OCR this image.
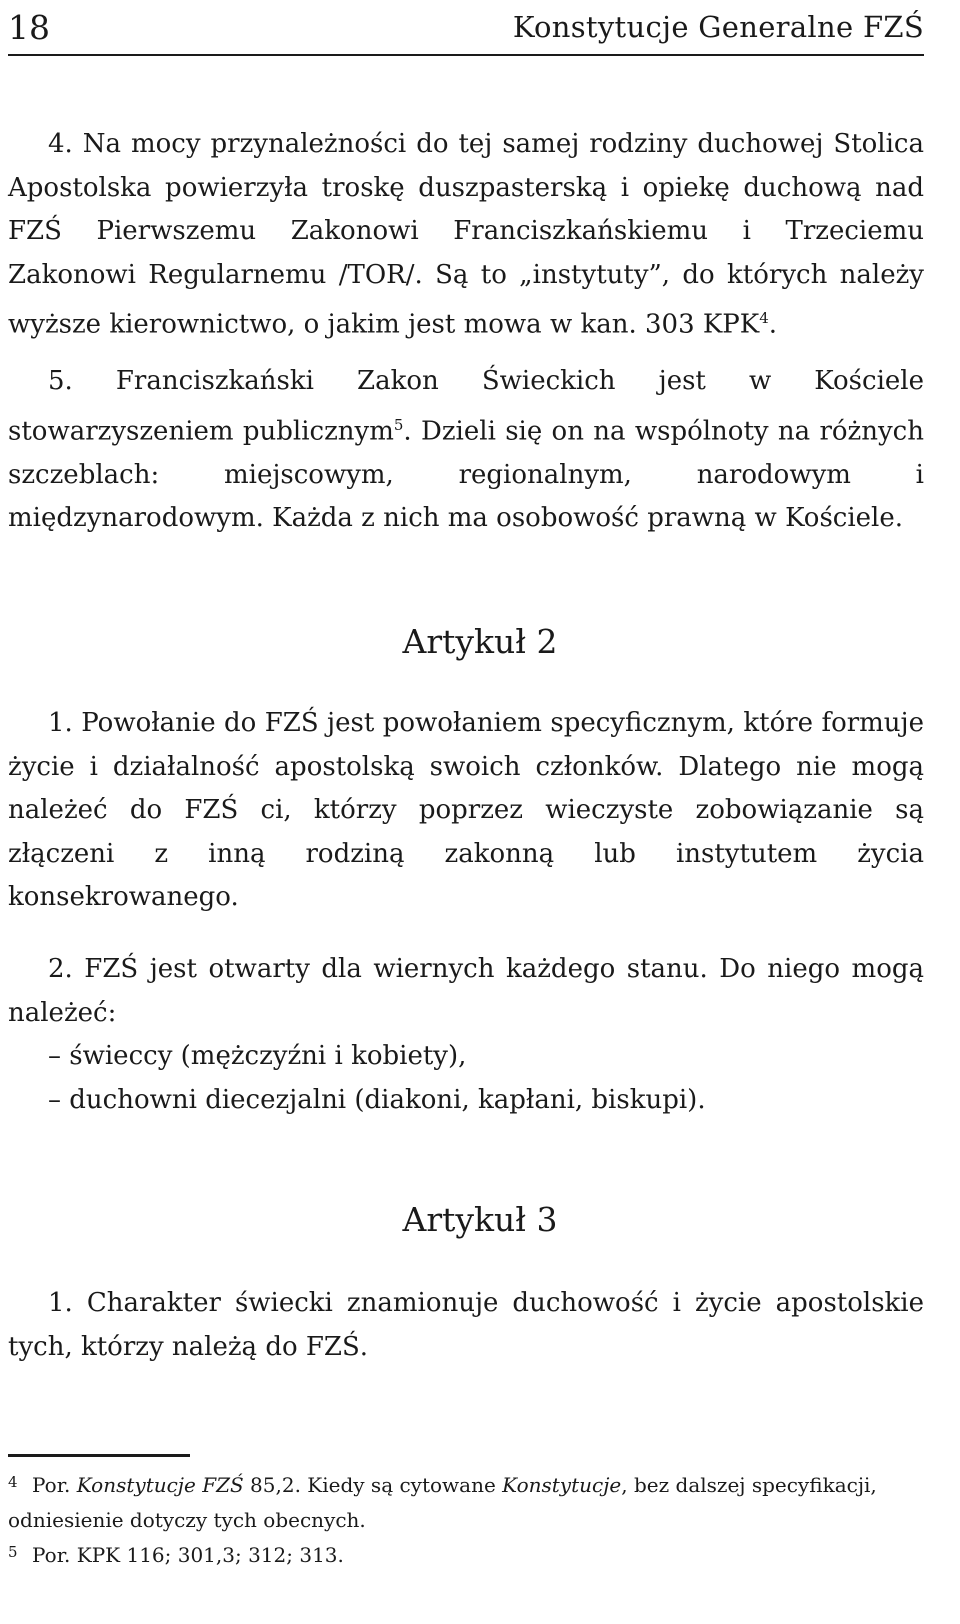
18	Konstytucje Generalne FZŚ

4. Na mocy przynależności do tej samej rodziny duchowej Stolica Apostolska powierzyła troskę duszpasterską i opiekę duchową nad FZŚ Pierwszemu Zakonowi Franciszkańskiemu i Trzeciemu Zakonowi Regularnemu /TOR/. Są to „instytuty”, do których należy wyższe kierownictwo, o jakim jest mowa w kan. 303 KPK$^4$.

5. Franciszkański Zakon Świeckich jest w Kościele stowarzyszeniem publicznym$^5$. Dzieli się on na wspólnoty na różnych szczeblach: miejscowym, regionalnym, narodowym i międzynarodowym. Każda z nich ma osobowość prawną w Kościele.

Artykuł 2

1. Powołanie do FZŚ jest powołaniem specyficznym, które formuje życie i działalność apostolską swoich członków. Dlatego nie mogą należeć do FZŚ ci, którzy poprzez wieczyste zobowiązanie są złączeni z inną rodziną zakonną lub instytutem życia konsekrowanego.

2. FZŚ jest otwarty dla wiernych każdego stanu. Do niego mogą należeć:

– świeccy (mężczyźni i kobiety),
– duchowni diecezjalni (diakoni, kapłani, biskupi).
Artykuł 3

1. Charakter świecki znamionuje duchowość i życie apostolskie tych, którzy należą do FZŚ.

4 Por. Konstytucje FZŚ 85,2. Kiedy są cytowane Konstytucje, bez dalszej specyfikacji, odniesienie dotyczy tych obecnych.

5 Por. KPK 116; 301,3; 312; 313.
